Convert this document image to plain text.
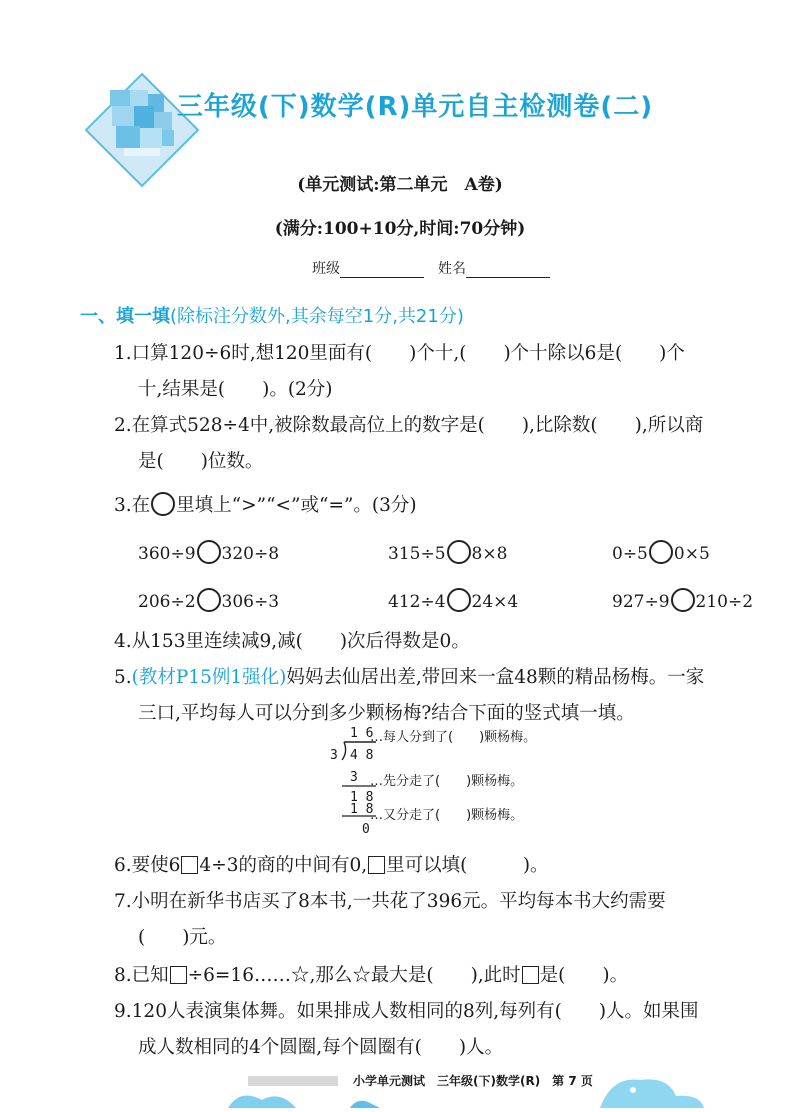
三年级(下)数学(R)单元自主检测卷(二)
(单元测试:第二单元　A卷)
(满分:100+10分,时间:70分钟)
班级	姓名
一、填一填(除标注分数外,其余每空1分,共21分)
1.口算120÷6时,想120里面有(　　)个十,(　　)个十除以6是(　　)个
十,结果是(　　)。(2分)
2.在算式528÷4中,被除数最高位上的数字是(　　),比除数(　　),所以商
是(　　)位数。
3.在 里填上“>”“<”或“=”。(3分)
360÷9 320÷8	315÷5 8×8	0÷5 0×5
206÷2 306÷3	412÷4 24×4	927÷9 210÷2
4.从153里连续减9,减(　　)次后得数是0。
5.(教材P15例1强化)妈妈去仙居出差,带回来一盒48颗的精品杨梅。一家
三口,平均每人可以分到多少颗杨梅?结合下面的竖式填一填。
1 6
3 4 8
3
1 8
1 8
0
…每人分到了(　　)颗杨梅。
…先分走了(　　)颗杨梅。
…又分走了(　　)颗杨梅。
6.要使6 4÷3的商的中间有0, 里可以填(　　　)。
7.小明在新华书店买了8本书,一共花了396元。平均每本书大约需要
(　　)元。
8.已知 ÷6=16……☆,那么☆最大是(　　),此时 是(　　)。
9.120人表演集体舞。如果排成人数相同的8列,每列有(　　)人。如果围
成人数相同的4个圆圈,每个圆圈有(　　)人。
小学单元测试　三年级(下)数学(R)　第 7 页
